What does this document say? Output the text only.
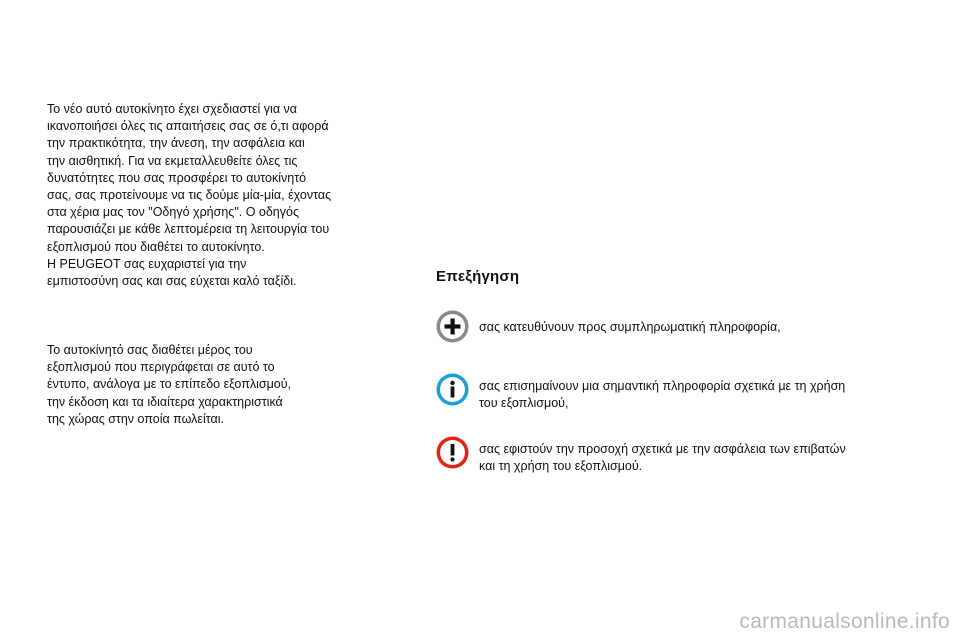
Το νέο αυτό αυτοκίνητο έχει σχεδιαστεί για να
ικανοποιήσει όλες τις απαιτήσεις σας σε ό,τι αφορά
την πρακτικότητα, την άνεση, την ασφάλεια και
την αισθητική. Για να εκμεταλλευθείτε όλες τις
δυνατότητες που σας προσφέρει το αυτοκίνητό
σας, σας προτείνουμε να τις δούμε μία-μία, έχοντας
στα χέρια μας τον "Οδηγό χρήσης". Ο οδηγός
παρουσιάζει με κάθε λεπτομέρεια τη λειτουργία του
εξοπλισμού που διαθέτει το αυτοκίνητο.
Η PEUGEOT σας ευχαριστεί για την
εμπιστοσύνη σας και σας εύχεται καλό ταξίδι.

Το αυτοκίνητό σας διαθέτει μέρος του
εξοπλισμού που περιγράφεται σε αυτό το
έντυπο, ανάλογα με το επίπεδο εξοπλισμού,
την έκδοση και τα ιδιαίτερα χαρακτηριστικά
της χώρας στην οποία πωλείται.

Επεξήγηση
σας κατευθύνουν προς συμπληρωματική πληροφορία,
σας επισημαίνουν μια σημαντική πληροφορία σχετικά με τη χρήση
του εξοπλισμού,
σας εφιστούν την προσοχή σχετικά με την ασφάλεια των επιβατών
και τη χρήση του εξοπλισμού.
carmanualsonline.info
